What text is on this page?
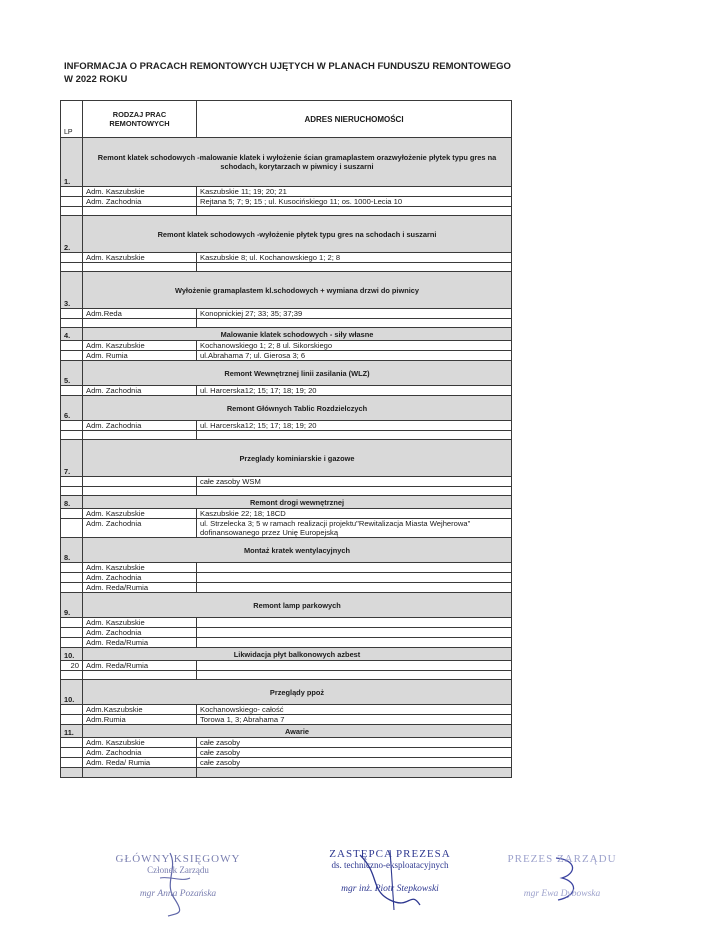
INFORMACJA O PRACACH REMONTOWYCH UJĘTYCH W PLANACH FUNDUSZU REMONTOWEGO
W 2022 ROKU
LP	RODZAJ PRAC REMONTOWYCH	ADRES NIERUCHOMOŚCI
1.	Remont klatek schodowych -malowanie klatek i wyłożenie ścian gramaplastem orazwyłożenie płytek typu gres na schodach, korytarzach w piwnicy i suszarni	
	Adm. Kaszubskie	Kaszubskie 11; 19; 20; 21
	Adm. Zachodnia	Rejtana 5; 7; 9; 15 ; ul. Kusocińskiego 11; os. 1000-Lecia 10

2.	Remont klatek schodowych -wyłożenie płytek typu gres na schodach i suszarni	
	Adm. Kaszubskie	Kaszubskie 8; ul. Kochanowskiego 1; 2; 8

3.	Wyłożenie gramaplastem kl.schodowych + wymiana drzwi do piwnicy	
	Adm.Reda	Konopnickiej 27; 33; 35; 37;39

4.	Malowanie klatek schodowych - siły własne	
	Adm. Kaszubskie	Kochanowskiego 1; 2; 8 ul. Sikorskiego
	Adm. Rumia	ul.Abrahama 7; ul. Gierosa 3; 6
5.	Remont Wewnętrznej linii zasilania (WLZ)	
	Adm. Zachodnia	ul. Harcerska12; 15; 17; 18; 19; 20
6.	Remont Głównych Tablic Rozdzielczych	
	Adm. Zachodnia	ul. Harcerska12; 15; 17; 18; 19; 20

7.	Przeglady kominiarskie i gazowe	
		całe zasoby WSM

8.	Remont drogi wewnętrznej	
	Adm. Kaszubskie	Kaszubskie 22; 18; 18CD
	Adm. Zachodnia	ul. Strzelecka 3; 5 w ramach realizacji projektu"Rewitalizacja Miasta Wejherowa" dofinansowanego przez Unię Europejską
8.	Montaż kratek wentylacyjnych	
	Adm. Kaszubskie	
	Adm. Zachodnia	
	Adm. Reda/Rumia	
9.	Remont lamp parkowych	
	Adm. Kaszubskie	
	Adm. Zachodnia	
	Adm. Reda/Rumia	
10.	Likwidacja płyt balkonowych azbest	
20	Adm. Reda/Rumia	

10.	Przeglądy ppoż	
	Adm.Kaszubskie	Kochanowskiego- całość
	Adm.Rumia	Torowa 1, 3; Abrahama 7
11.	Awarie	
	Adm. Kaszubskie	całe zasoby
	Adm. Zachodnia	całe zasoby
	Adm. Reda/ Rumia	całe zasoby

GŁÓWNY KSIĘGOWY
Członek Zarządu
mgr Anna Pozańska
ZASTĘPCA PREZESA
ds. techniczno-eksploatacyjnych
mgr inż. Piotr Stepkowski
PREZES ZARZĄDU
mgr Ewa Dybowska
